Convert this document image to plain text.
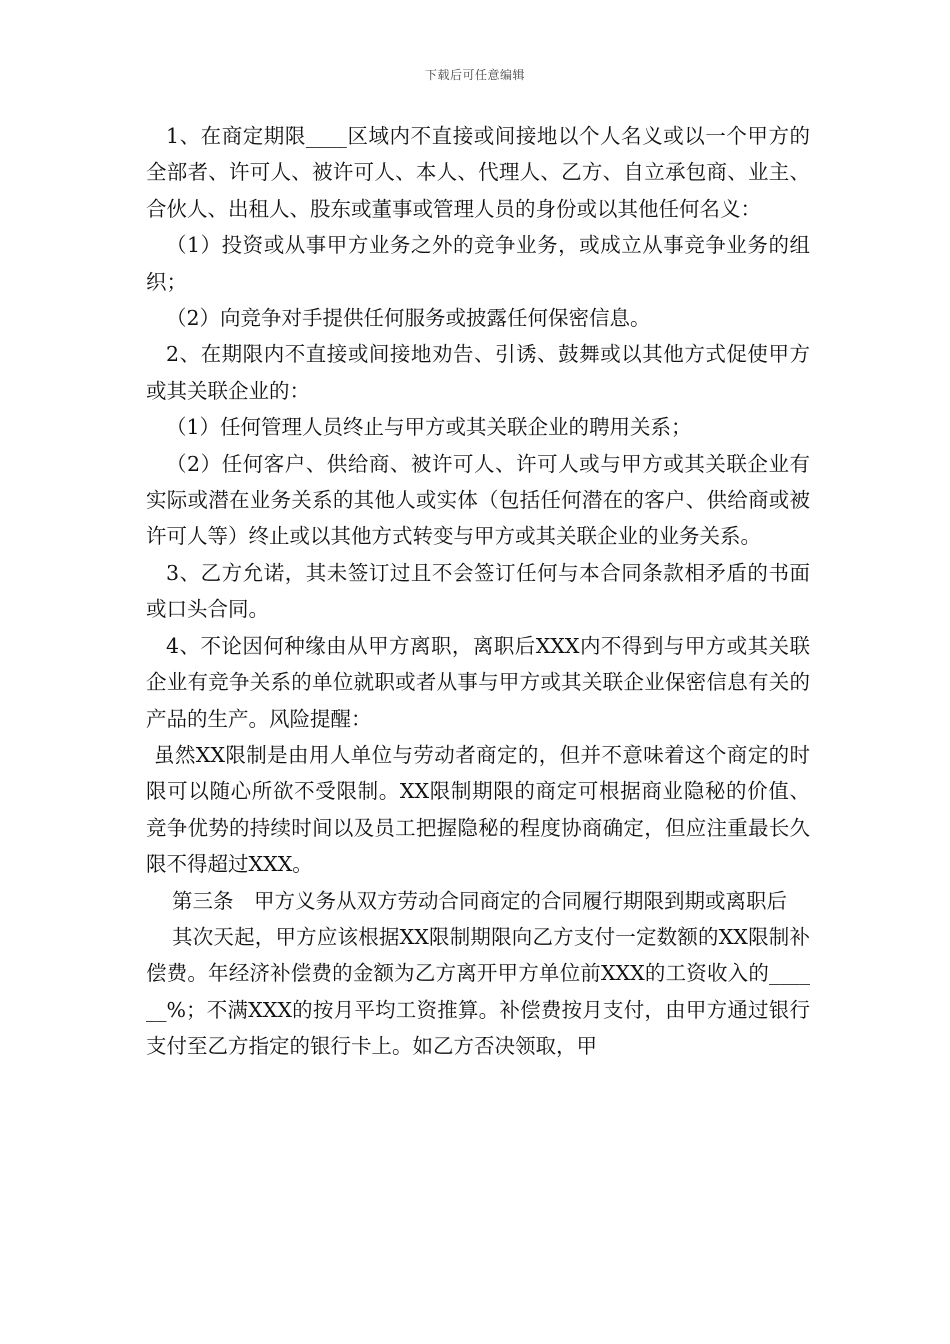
下载后可任意编辑

1、在商定期限____区域内不直接或间接地以个人名义或以一个甲方的全部者、许可人、被许可人、本人、代理人、乙方、自立承包商、业主、合伙人、出租人、股东或董事或管理人员的身份或以其他任何名义：

（1）投资或从事甲方业务之外的竞争业务，或成立从事竞争业务的组织；

（2）向竞争对手提供任何服务或披露任何保密信息。

2、在期限内不直接或间接地劝告、引诱、鼓舞或以其他方式促使甲方或其关联企业的：

（1）任何管理人员终止与甲方或其关联企业的聘用关系；

（2）任何客户、供给商、被许可人、许可人或与甲方或其关联企业有实际或潜在业务关系的其他人或实体（包括任何潜在的客户、供给商或被许可人等）终止或以其他方式转变与甲方或其关联企业的业务关系。

3、乙方允诺，其未签订过且不会签订任何与本合同条款相矛盾的书面或口头合同。

4、不论因何种缘由从甲方离职，离职后XXX内不得到与甲方或其关联企业有竞争关系的单位就职或者从事与甲方或其关联企业保密信息有关的产品的生产。风险提醒：

虽然XX限制是由用人单位与劳动者商定的，但并不意味着这个商定的时限可以随心所欲不受限制。XX限制期限的商定可根据商业隐秘的价值、竞争优势的持续时间以及员工把握隐秘的程度协商确定，但应注重最长久限不得超过XXX。

第三条　甲方义务从双方劳动合同商定的合同履行期限到期或离职后

其次天起，甲方应该根据XX限制期限向乙方支付一定数额的XX限制补偿费。年经济补偿费的金额为乙方离开甲方单位前XXX的工资收入的______%；不满XXX的按月平均工资推算。补偿费按月支付，由甲方通过银行支付至乙方指定的银行卡上。如乙方否决领取，甲
